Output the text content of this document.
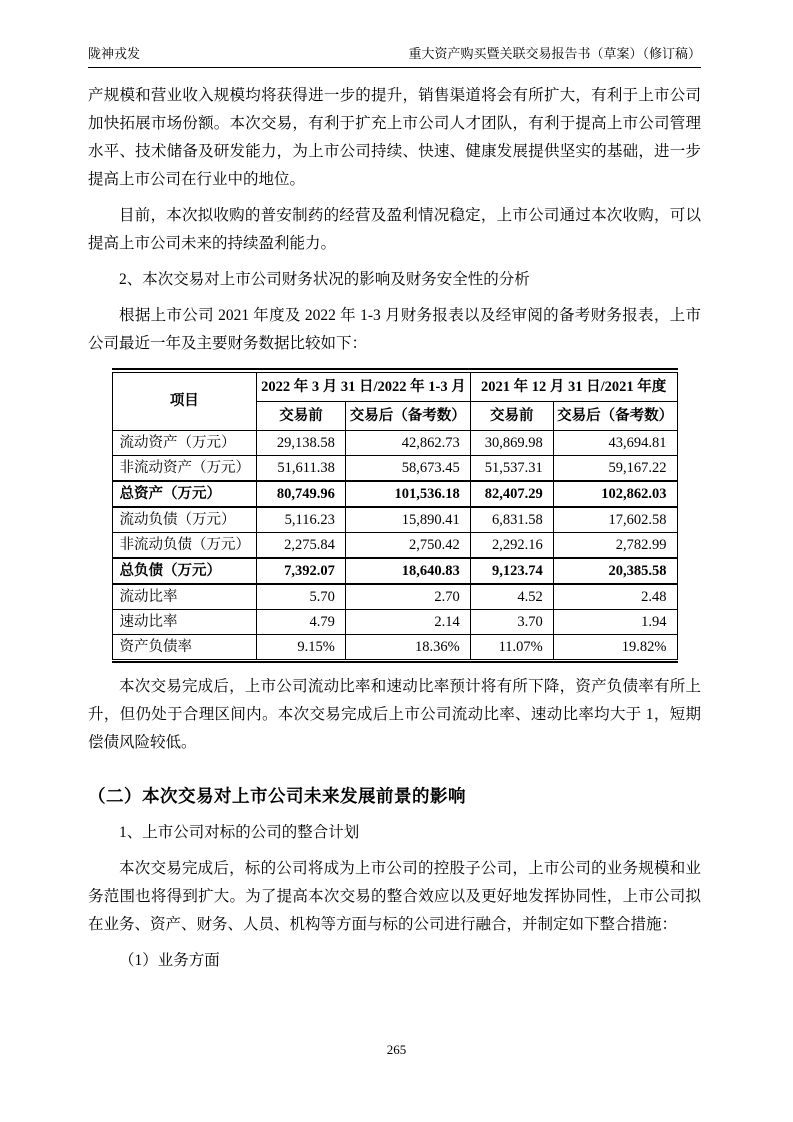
陇神戎发	重大资产购买暨关联交易报告书（草案）（修订稿）

产规模和营业收入规模均将获得进一步的提升，销售渠道将会有所扩大，有利于上市公司加快拓展市场份额。本次交易，有利于扩充上市公司人才团队，有利于提高上市公司管理水平、技术储备及研发能力，为上市公司持续、快速、健康发展提供坚实的基础，进一步提高上市公司在行业中的地位。

目前，本次拟收购的普安制药的经营及盈利情况稳定，上市公司通过本次收购，可以提高上市公司未来的持续盈利能力。

2、本次交易对上市公司财务状况的影响及财务安全性的分析

根据上市公司 2021 年度及 2022 年 1-3 月财务报表以及经审阅的备考财务报表，上市公司最近一年及主要财务数据比较如下：

项目	2022 年 3 月 31 日/2022 年 1-3 月		2021 年 12 月 31 日/2021 年度	
	交易前	交易后（备考数）	交易前	交易后（备考数）
流动资产（万元）	29,138.58	42,862.73	30,869.98	43,694.81
非流动资产（万元）	51,611.38	58,673.45	51,537.31	59,167.22
总资产（万元）	80,749.96	101,536.18	82,407.29	102,862.03
流动负债（万元）	5,116.23	15,890.41	6,831.58	17,602.58
非流动负债（万元）	2,275.84	2,750.42	2,292.16	2,782.99
总负债（万元）	7,392.07	18,640.83	9,123.74	20,385.58
流动比率	5.70	2.70	4.52	2.48
速动比率	4.79	2.14	3.70	1.94
资产负债率	9.15%	18.36%	11.07%	19.82%

本次交易完成后，上市公司流动比率和速动比率预计将有所下降，资产负债率有所上升，但仍处于合理区间内。本次交易完成后上市公司流动比率、速动比率均大于 1，短期偿债风险较低。

（二）本次交易对上市公司未来发展前景的影响

1、上市公司对标的公司的整合计划

本次交易完成后，标的公司将成为上市公司的控股子公司，上市公司的业务规模和业务范围也将得到扩大。为了提高本次交易的整合效应以及更好地发挥协同性，上市公司拟在业务、资产、财务、人员、机构等方面与标的公司进行融合，并制定如下整合措施：

（1）业务方面

265
